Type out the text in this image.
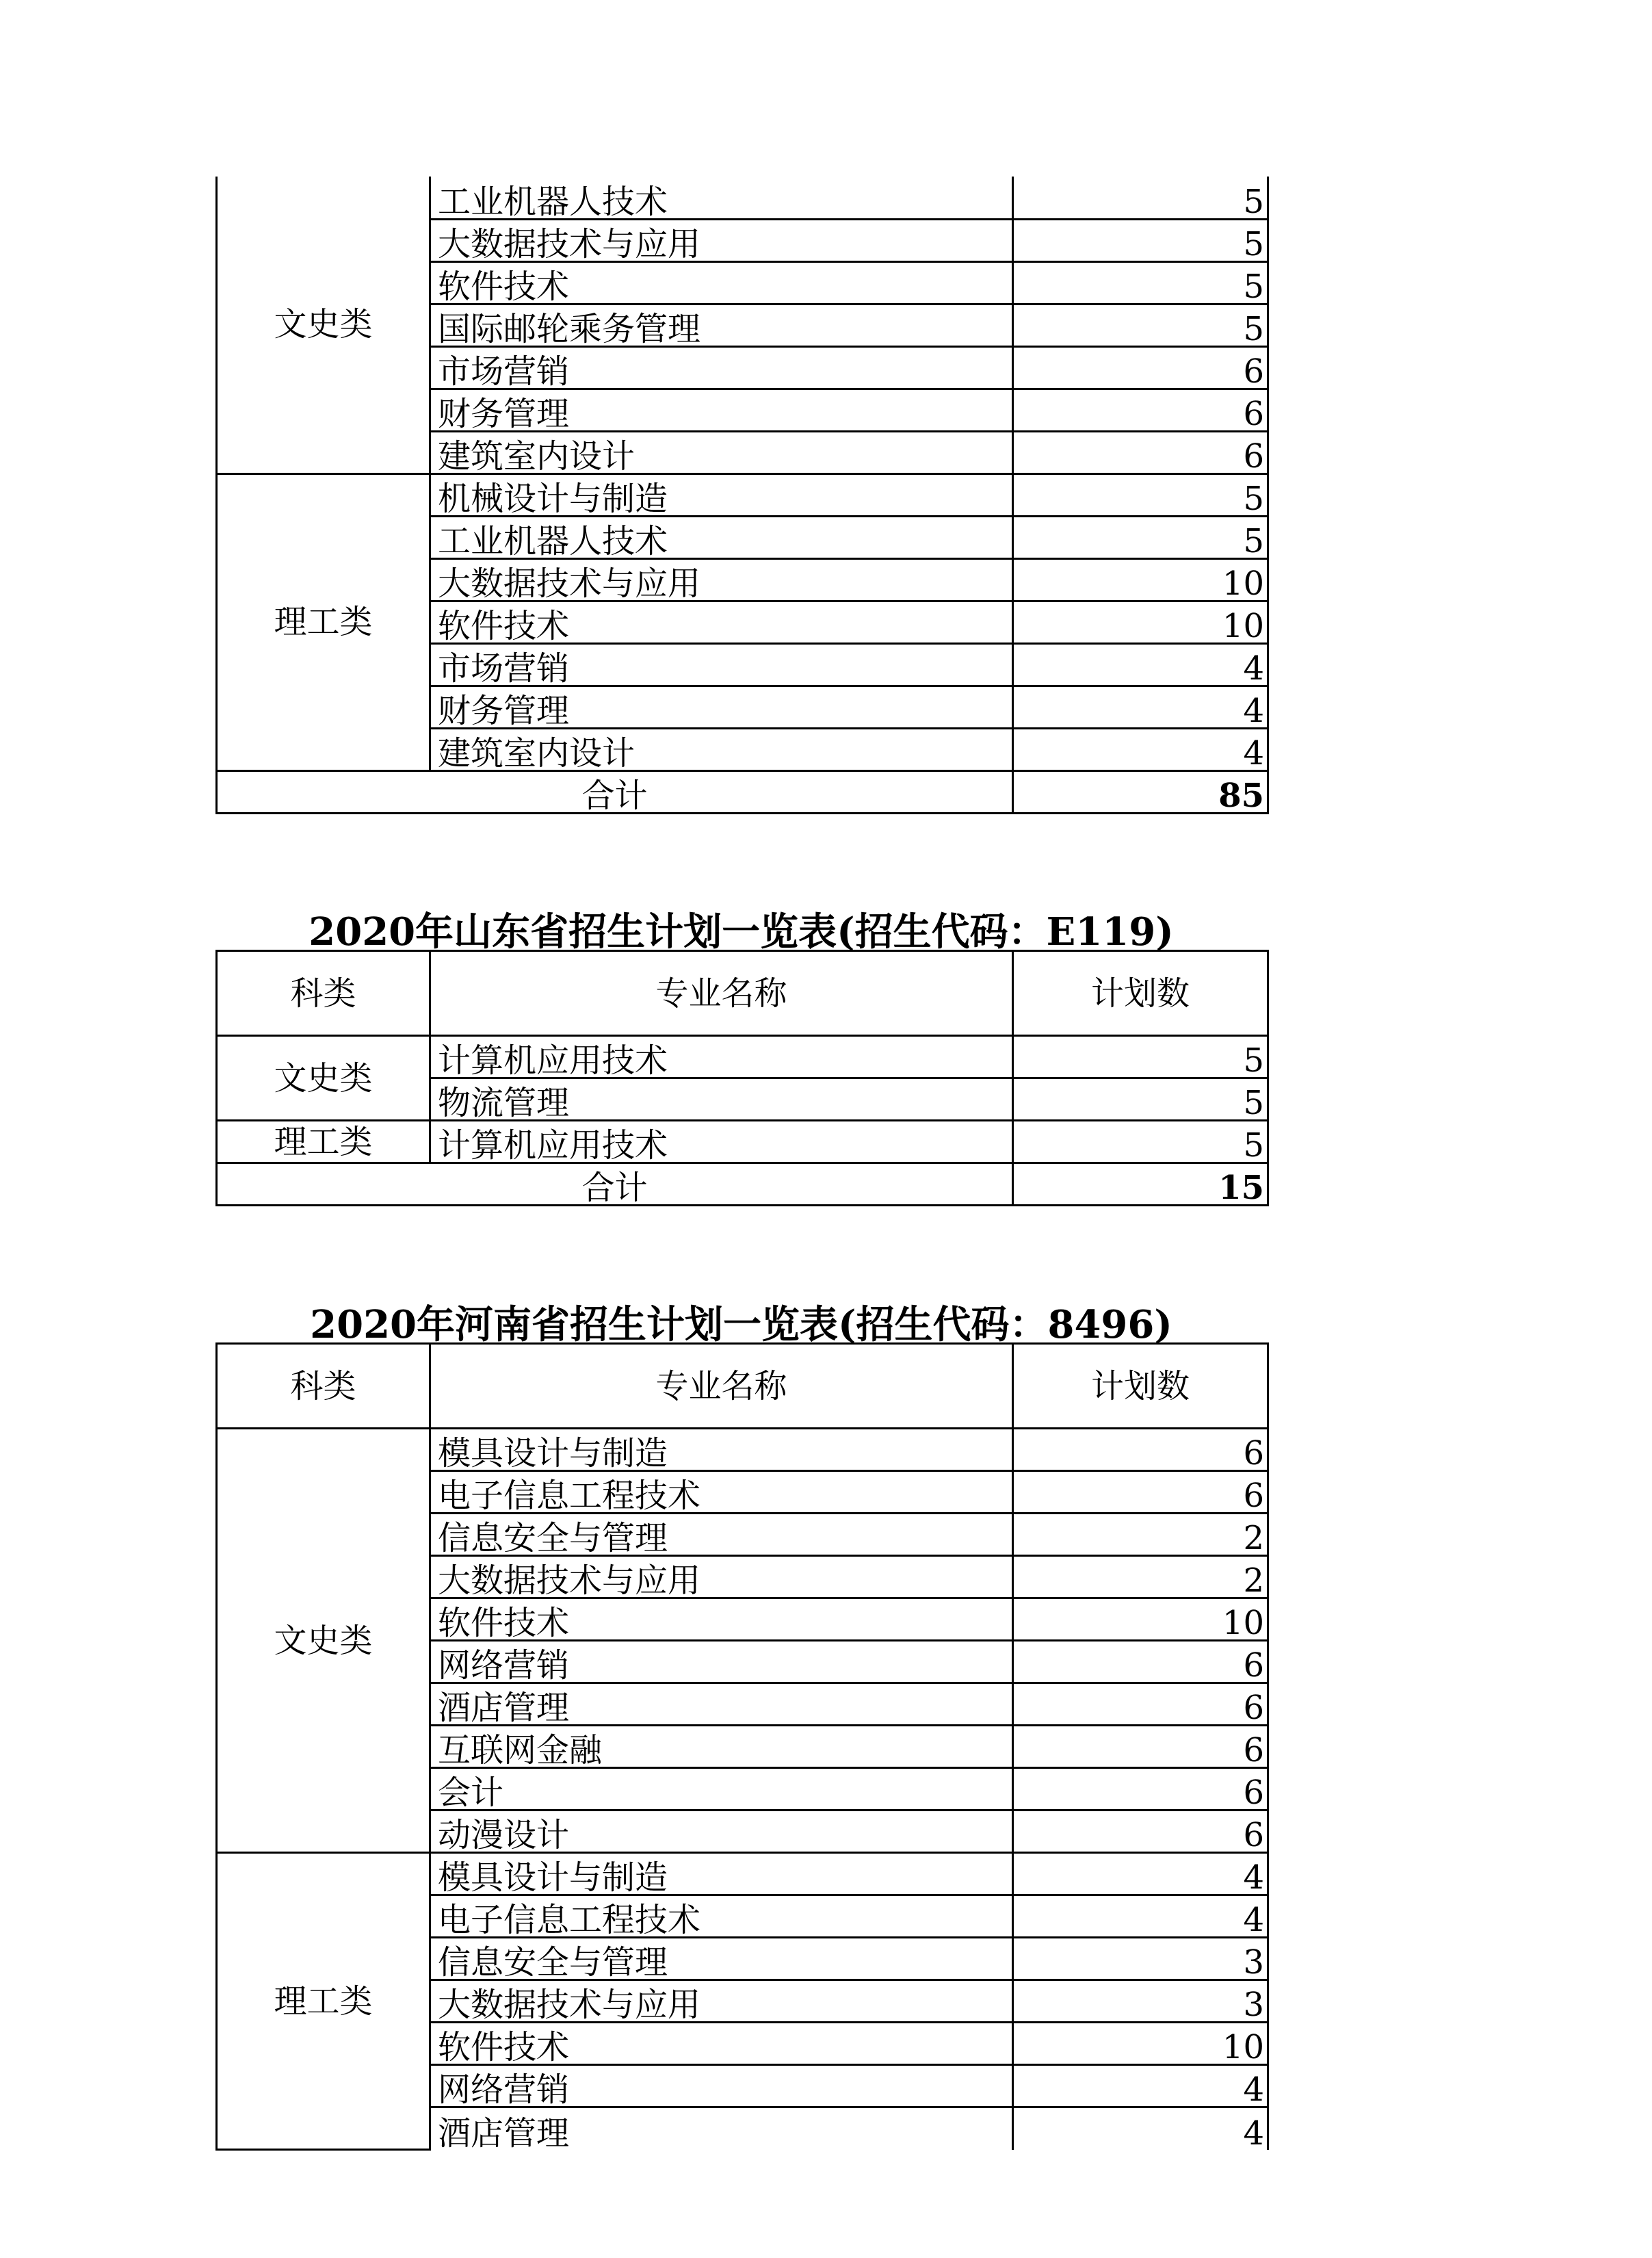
文史类	工业机器人技术	5
	大数据技术与应用	5
	软件技术	5
	国际邮轮乘务管理	5
	市场营销	6
	财务管理	6
	建筑室内设计	6
理工类	机械设计与制造	5
	工业机器人技术	5
	大数据技术与应用	10
	软件技术	10
	市场营销	4
	财务管理	4
	建筑室内设计	4
合计		85
2020年山东省招生计划一览表(招生代码：E119)
科类	专业名称	计划数
文史类	计算机应用技术	5
	物流管理	5
理工类	计算机应用技术	5
合计		15
2020年河南省招生计划一览表(招生代码：8496)
科类	专业名称	计划数
文史类	模具设计与制造	6
	电子信息工程技术	6
	信息安全与管理	2
	大数据技术与应用	2
	软件技术	10
	网络营销	6
	酒店管理	6
	互联网金融	6
	会计	6
	动漫设计	6
理工类	模具设计与制造	4
	电子信息工程技术	4
	信息安全与管理	3
	大数据技术与应用	3
	软件技术	10
	网络营销	4
	酒店管理	4
